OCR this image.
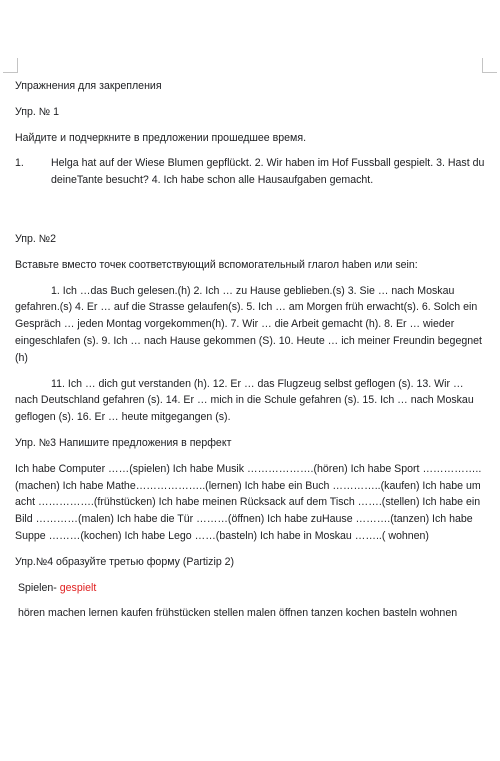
Упражнения для закрепления

Упр. № 1

Найдите и подчеркните в предложении прошедшее время.

1.	Helga hat auf der Wiese Blumen gepflückt. 2. Wir haben im Hof Fussball gespielt. 3. Hast du deineTante besucht? 4. Ich habe schon alle Hausaufgaben gemacht.

Упр. №2

Вставьте вместо точек соответствующий вспомогательный глагол haben или sein:

1. Ich …das Buch gelesen.(h) 2. Ich … zu Hause geblieben.(s) 3. Sie … nach Moskau gefahren.(s) 4. Er … auf die Strasse gelaufen(s). 5. Ich … am Morgen früh erwacht(s). 6. Solch ein Gespräch … jeden Montag vorgekommen(h). 7. Wir … die Arbeit gemacht (h). 8. Er … wieder eingeschlafen (s). 9. Ich … nach Hause gekommen (S). 10. Heute … ich meiner Freundin begegnet (h)

11. Ich … dich gut verstanden (h). 12. Er … das Flugzeug selbst geflogen (s). 13. Wir … nach Deutschland gefahren (s). 14. Er … mich in die Schule gefahren (s). 15. Ich … nach Moskau geflogen (s). 16. Er … heute mitgegangen (s).

Упр. №3 Напишите предложения в перфект

Ich habe Computer ……(spielen) Ich habe Musik ……………….(hören) Ich habe Sport ……………..(machen) Ich habe Mathe………………..(lernen) Ich habe ein Buch …………..(kaufen) Ich habe um acht …………….(frühstücken) Ich habe meinen Rücksack auf dem Tisch …….(stellen) Ich habe ein Bild …………(malen) Ich habe die Tür ………(öffnen) Ich habe zuHause ……….(tanzen) Ich habe Suppe ………(kochen) Ich habe Lego ……(basteln) Ich habe in Moskau ……..( wohnen)

Упр.№4 образуйте третью форму (Partizip 2)

Spielen- gespielt

hören machen lernen kaufen frühstücken stellen malen öffnen tanzen kochen basteln wohnen
